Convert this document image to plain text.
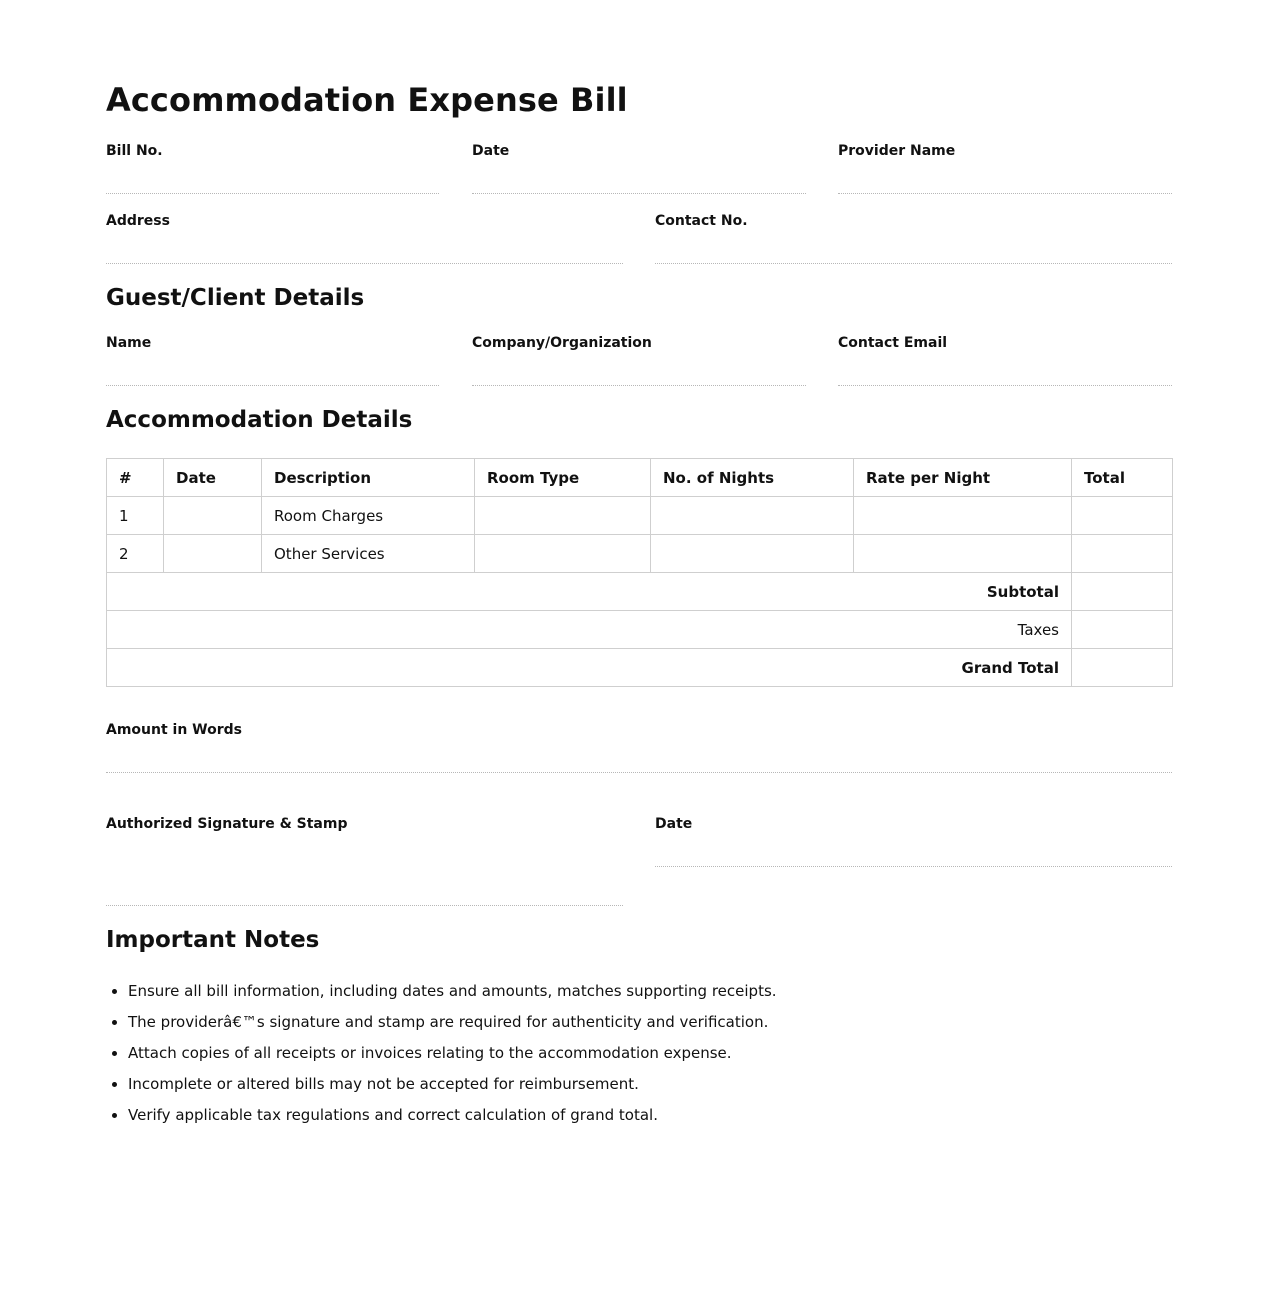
Accommodation Expense Bill
Bill No.	Date	Provider Name
Address	Contact No.
Guest/Client Details
Name	Company/Organization	Contact Email
Accommodation Details
#	Date	Description	Room Type	No. of Nights	Rate per Night	Total
1		Room Charges				
2		Other Services				
Subtotal						
Taxes						
Grand Total						
Amount in Words
Authorized Signature & Stamp	Date
Important Notes
• Ensure all bill information, including dates and amounts, matches supporting receipts.
• The providerâ€™s signature and stamp are required for authenticity and verification.
• Attach copies of all receipts or invoices relating to the accommodation expense.
• Incomplete or altered bills may not be accepted for reimbursement.
• Verify applicable tax regulations and correct calculation of grand total.
